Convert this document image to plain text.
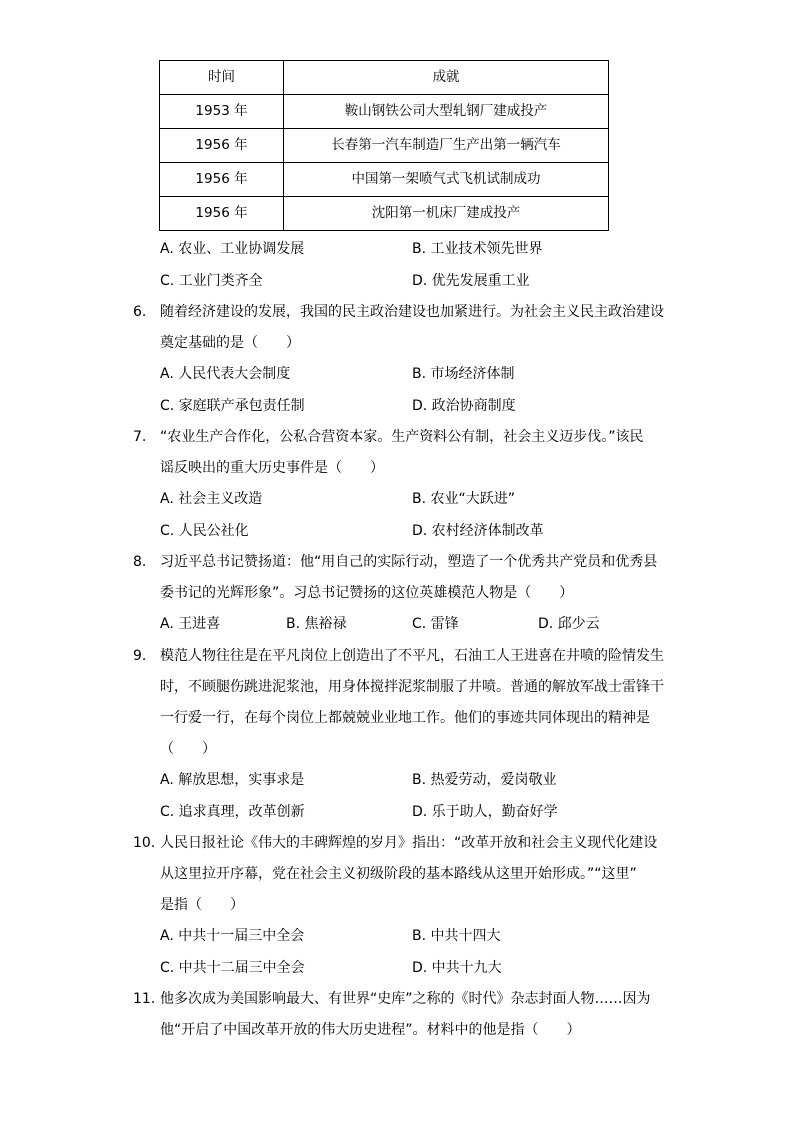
时间	成就
1953 年	鞍山钢铁公司大型轧钢厂建成投产
1956 年	长春第一汽车制造厂生产出第一辆汽车
1956 年	中国第一架喷气式飞机试制成功
1956 年	沈阳第一机床厂建成投产
A. 农业、工业协调发展	B. 工业技术领先世界
C. 工业门类齐全	D. 优先发展重工业
6. 随着经济建设的发展，我国的民主政治建设也加紧进行。为社会主义民主政治建设
奠定基础的是（　　）
A. 人民代表大会制度	B. 市场经济体制
C. 家庭联产承包责任制	D. 政治协商制度
7. “农业生产合作化，公私合营资本家。生产资料公有制，社会主义迈步伐。”该民
谣反映出的重大历史事件是（　　）
A. 社会主义改造	B. 农业“大跃进”
C. 人民公社化	D. 农村经济体制改革
8. 习近平总书记赞扬道：他“用自己的实际行动，塑造了一个优秀共产党员和优秀县
委书记的光辉形象”。习总书记赞扬的这位英雄模范人物是（　　）
A. 王进喜	B. 焦裕禄	C. 雷锋	D. 邱少云
9. 模范人物往往是在平凡岗位上创造出了不平凡，石油工人王进喜在井喷的险情发生
时，不顾腿伤跳进泥浆池，用身体搅拌泥浆制服了井喷。普通的解放军战士雷锋干
一行爱一行，在每个岗位上都兢兢业业地工作。他们的事迹共同体现出的精神是
（　　）
A. 解放思想，实事求是	B. 热爱劳动，爱岗敬业
C. 追求真理，改革创新	D. 乐于助人，勤奋好学
10. 人民日报社论《伟大的丰碑辉煌的岁月》指出：“改革开放和社会主义现代化建设
从这里拉开序幕，党在社会主义初级阶段的基本路线从这里开始形成。”“这里”
是指（　　）
A. 中共十一届三中全会	B. 中共十四大
C. 中共十二届三中全会	D. 中共十九大
11. 他多次成为美国影响最大、有世界“史库”之称的《时代》杂志封面人物……因为
他“开启了中国改革开放的伟大历史进程”。材料中的他是指（　　）
